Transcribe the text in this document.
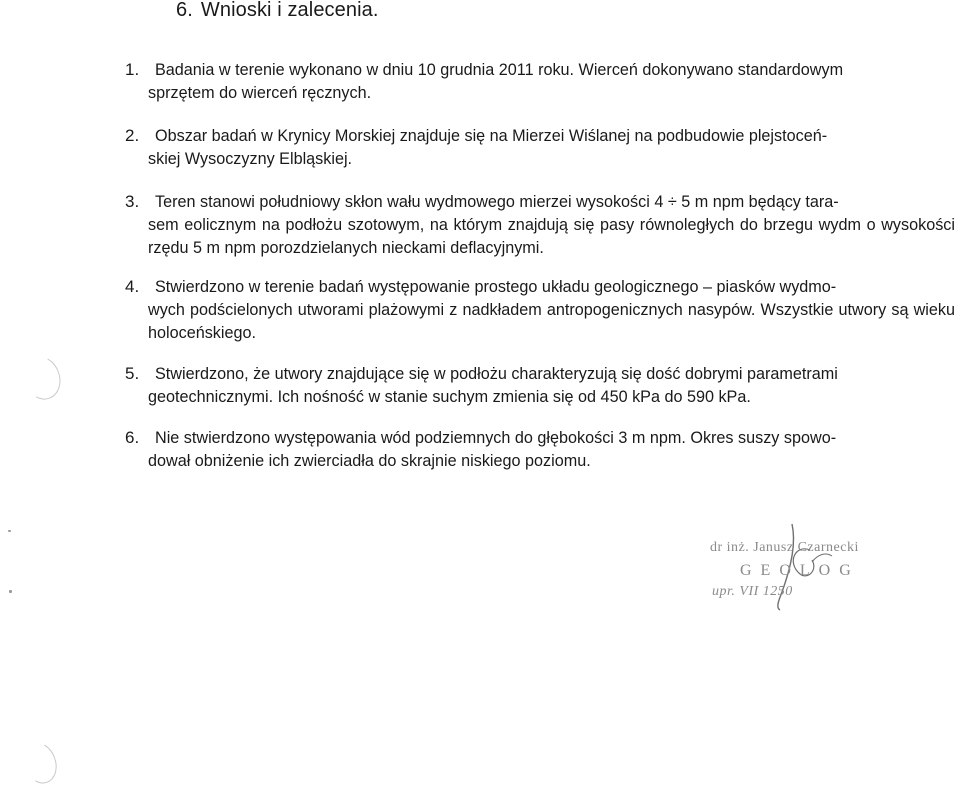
6. Wnioski i zalecenia.
1. Badania w terenie wykonano w dniu 10 grudnia 2011 roku. Wierceń dokonywano standardowym
sprzętem do wierceń ręcznych.
2. Obszar badań w Krynicy Morskiej znajduje się na Mierzei Wiślanej na podbudowie plejstoceń-
skiej Wysoczyzny Elbląskiej.
3. Teren stanowi południowy skłon wału wydmowego mierzei wysokości 4 ÷ 5 m npm będący tara-
sem eolicznym na podłożu szotowym, na którym znajdują się pasy równoległych do brzegu wydm o wysokości rzędu 5 m npm porozdzielanych nieckami deflacyjnymi.
4. Stwierdzono w terenie badań występowanie prostego układu geologicznego – piasków wydmo-
wych podścielonych utworami plażowymi z nadkładem antropogenicznych nasypów. Wszystkie utwory są wieku holoceńskiego.
5. Stwierdzono, że utwory znajdujące się w podłożu charakteryzują się dość dobrymi parametrami
geotechnicznymi. Ich nośność w stanie suchym zmienia się od 450 kPa do 590 kPa.
6. Nie stwierdzono występowania wód podziemnych do głębokości 3 m npm. Okres suszy spowo-
dował obniżenie ich zwierciadła do skrajnie niskiego poziomu.
dr inż. Janusz Czarnecki
GEOLOG
upr. VII 1250
